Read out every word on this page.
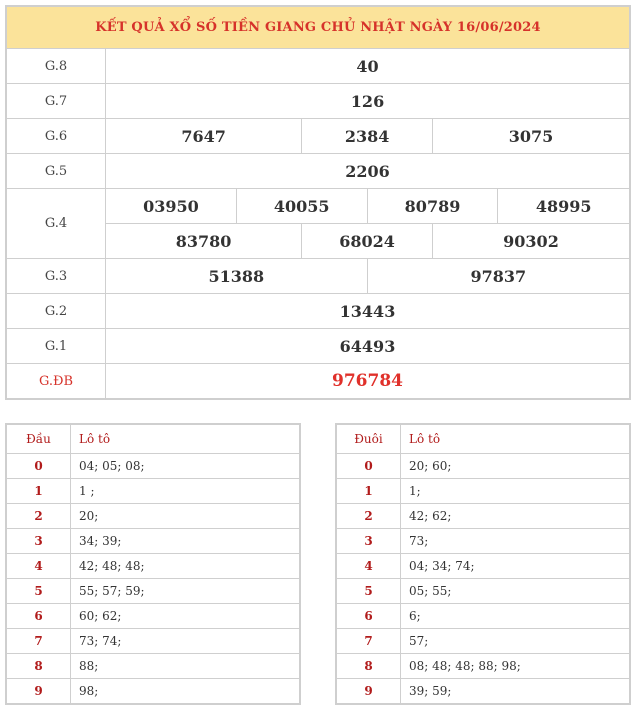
KẾT QUẢ XỔ SỐ TIỀN GIANG CHỦ NHẬT NGÀY 16/06/2024						
G.8	40					
G.7	126					
G.6	7647		2384		3075	
G.5	2206					
G.4	03950	40055		80789		48995
	83780		68024		90302	
G.3	51388			97837		
G.2	13443					
G.1	64493					
G.ĐB	976784					
Đầu	Lô tô
0	04; 05; 08;
1	1 ;
2	20;
3	34; 39;
4	42; 48; 48;
5	55; 57; 59;
6	60; 62;
7	73; 74;
8	88;
9	98;
Đuôi	Lô tô
0	20; 60;
1	1;
2	42; 62;
3	73;
4	04; 34; 74;
5	05; 55;
6	6;
7	57;
8	08; 48; 48; 88; 98;
9	39; 59;
